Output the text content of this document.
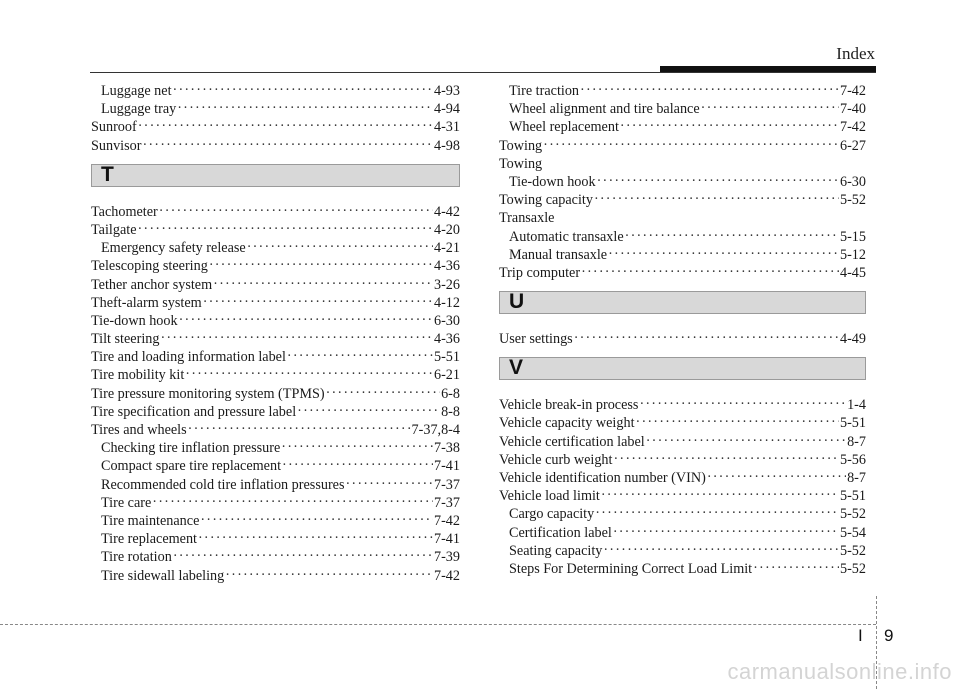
Index
Luggage net ·····	4-93
Luggage tray ·····	4-94
Sunroof ·····	4-31
Sunvisor ·····	4-98
T
Tachometer ·····	4-42
Tailgate ·····	4-20
Emergency safety release ·····	4-21
Telescoping steering ·····	4-36
Tether anchor system ·····	3-26
Theft-alarm system ·····	4-12
Tie-down hook ·····	6-30
Tilt steering ·····	4-36
Tire and loading information label ·····	5-51
Tire mobility kit ·····	6-21
Tire pressure monitoring system (TPMS) ·····	6-8
Tire specification and pressure label ·····	8-8
Tires and wheels ·····	7-37,8-4
Checking tire inflation pressure ·····	7-38
Compact spare tire replacement ·····	7-41
Recommended cold tire inflation pressures ·····	7-37
Tire care ·····	7-37
Tire maintenance ·····	7-42
Tire replacement ·····	7-41
Tire rotation ·····	7-39
Tire sidewall labeling ·····	7-42
Tire traction ·····	7-42
Wheel alignment and tire balance ·····	7-40
Wheel replacement ·····	7-42
Towing ·····	6-27
Towing
Tie-down hook ·····	6-30
Towing capacity ·····	5-52
Transaxle
Automatic transaxle ·····	5-15
Manual transaxle ·····	5-12
Trip computer ·····	4-45
U
User settings ·····	4-49
V
Vehicle break-in process ·····	1-4
Vehicle capacity weight ·····	5-51
Vehicle certification label ·····	8-7
Vehicle curb weight ·····	5-56
Vehicle identification number (VIN) ·····	8-7
Vehicle load limit ·····	5-51
Cargo capacity ·····	5-52
Certification label ·····	5-54
Seating capacity ·····	5-52
Steps For Determining Correct Load Limit ·····	5-52
I 9
carmanualsonline.info
